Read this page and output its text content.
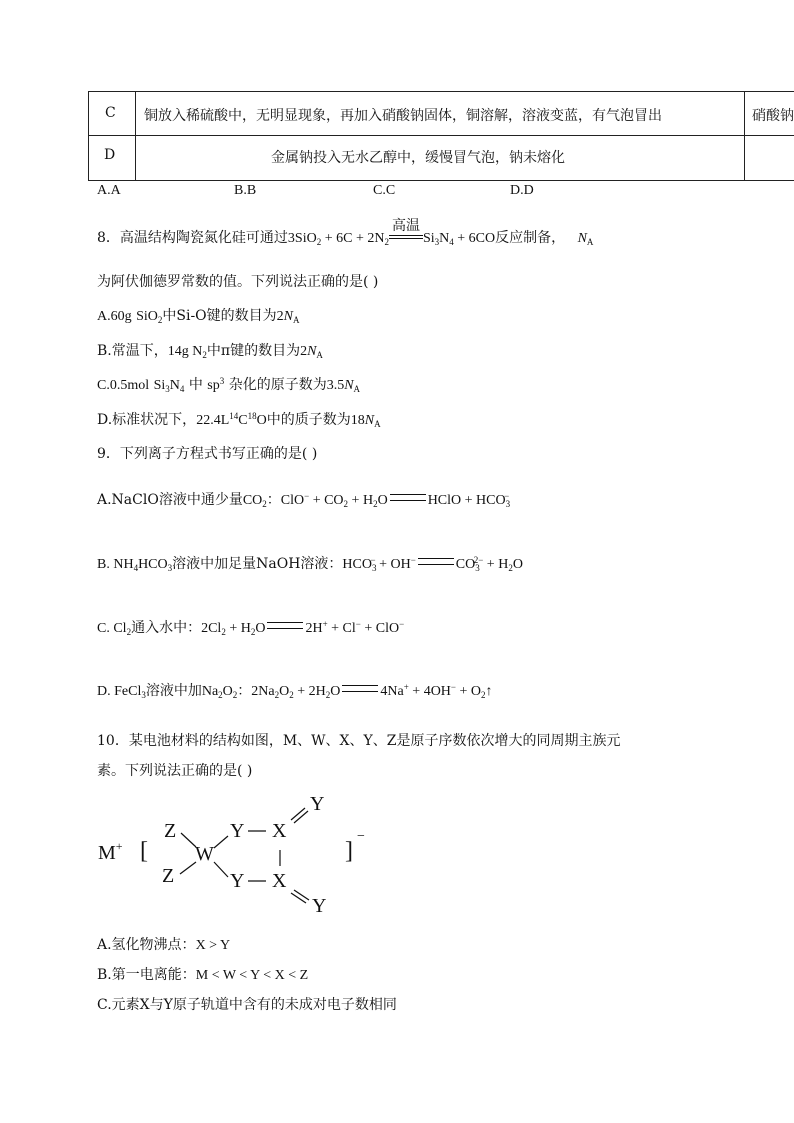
C 铜放入稀硫酸中，无明显现象，再加入硝酸钠固体，铜溶解，溶液变蓝，有气泡冒出	硝酸钠
D	金属钠投入无水乙醇中，缓慢冒气泡，钠未熔化
A.A	B.B	C.C	D.D
8．高温结构陶瓷氮化硅可通过$3SiO_2 + 6C + 2N_2$
高温
$Si_3N_4 + 6CO$反应制备， $N_A$
为阿伏伽德罗常数的值。下列说法正确的是( )
A.60g SiO$_2$中Si-O键的数目为$2N_A$
B.常温下，14g $N_2$中π键的数目为$2N_A$
C.0.5mol $Si_3N_4$ 中 $sp^3$ 杂化的原子数为$3.5N_A$
D.标准状况下，$22.4L^{14}C^{18}O$中的质子数为$18N_A$
9．下列离子方程式书写正确的是( )
A.NaClO溶液中通少量$CO_2$：$ClO^- + CO_2 + H_2O$	HClO + $HCO_3^-$
B. $NH_4HCO_3$溶液中加足量NaOH溶液：$HCO_3^- + OH^-$	$CO_3^{2-} + H_2O$
C. $Cl_2$通入水中：$2Cl_2 + H_2O$	2H+ + Cl− + ClO−
D. FeCl$_3$溶液中加$Na_2O_2$：$2Na_2O_2 + 2H_2O$	$4Na^+ + 4OH^- + O_2↑$
10．某电池材料的结构如图，M、W、X、Y、Z是原子序数依次增大的同周期主族元
素。下列说法正确的是( )
M+ [
Z
Z
W
Y
Y
X
X
Y
Y
]
−
A.氢化物沸点：X > Y
B.第一电离能：M < W < Y < X < Z
C.元素X与Y原子轨道中含有的未成对电子数相同
